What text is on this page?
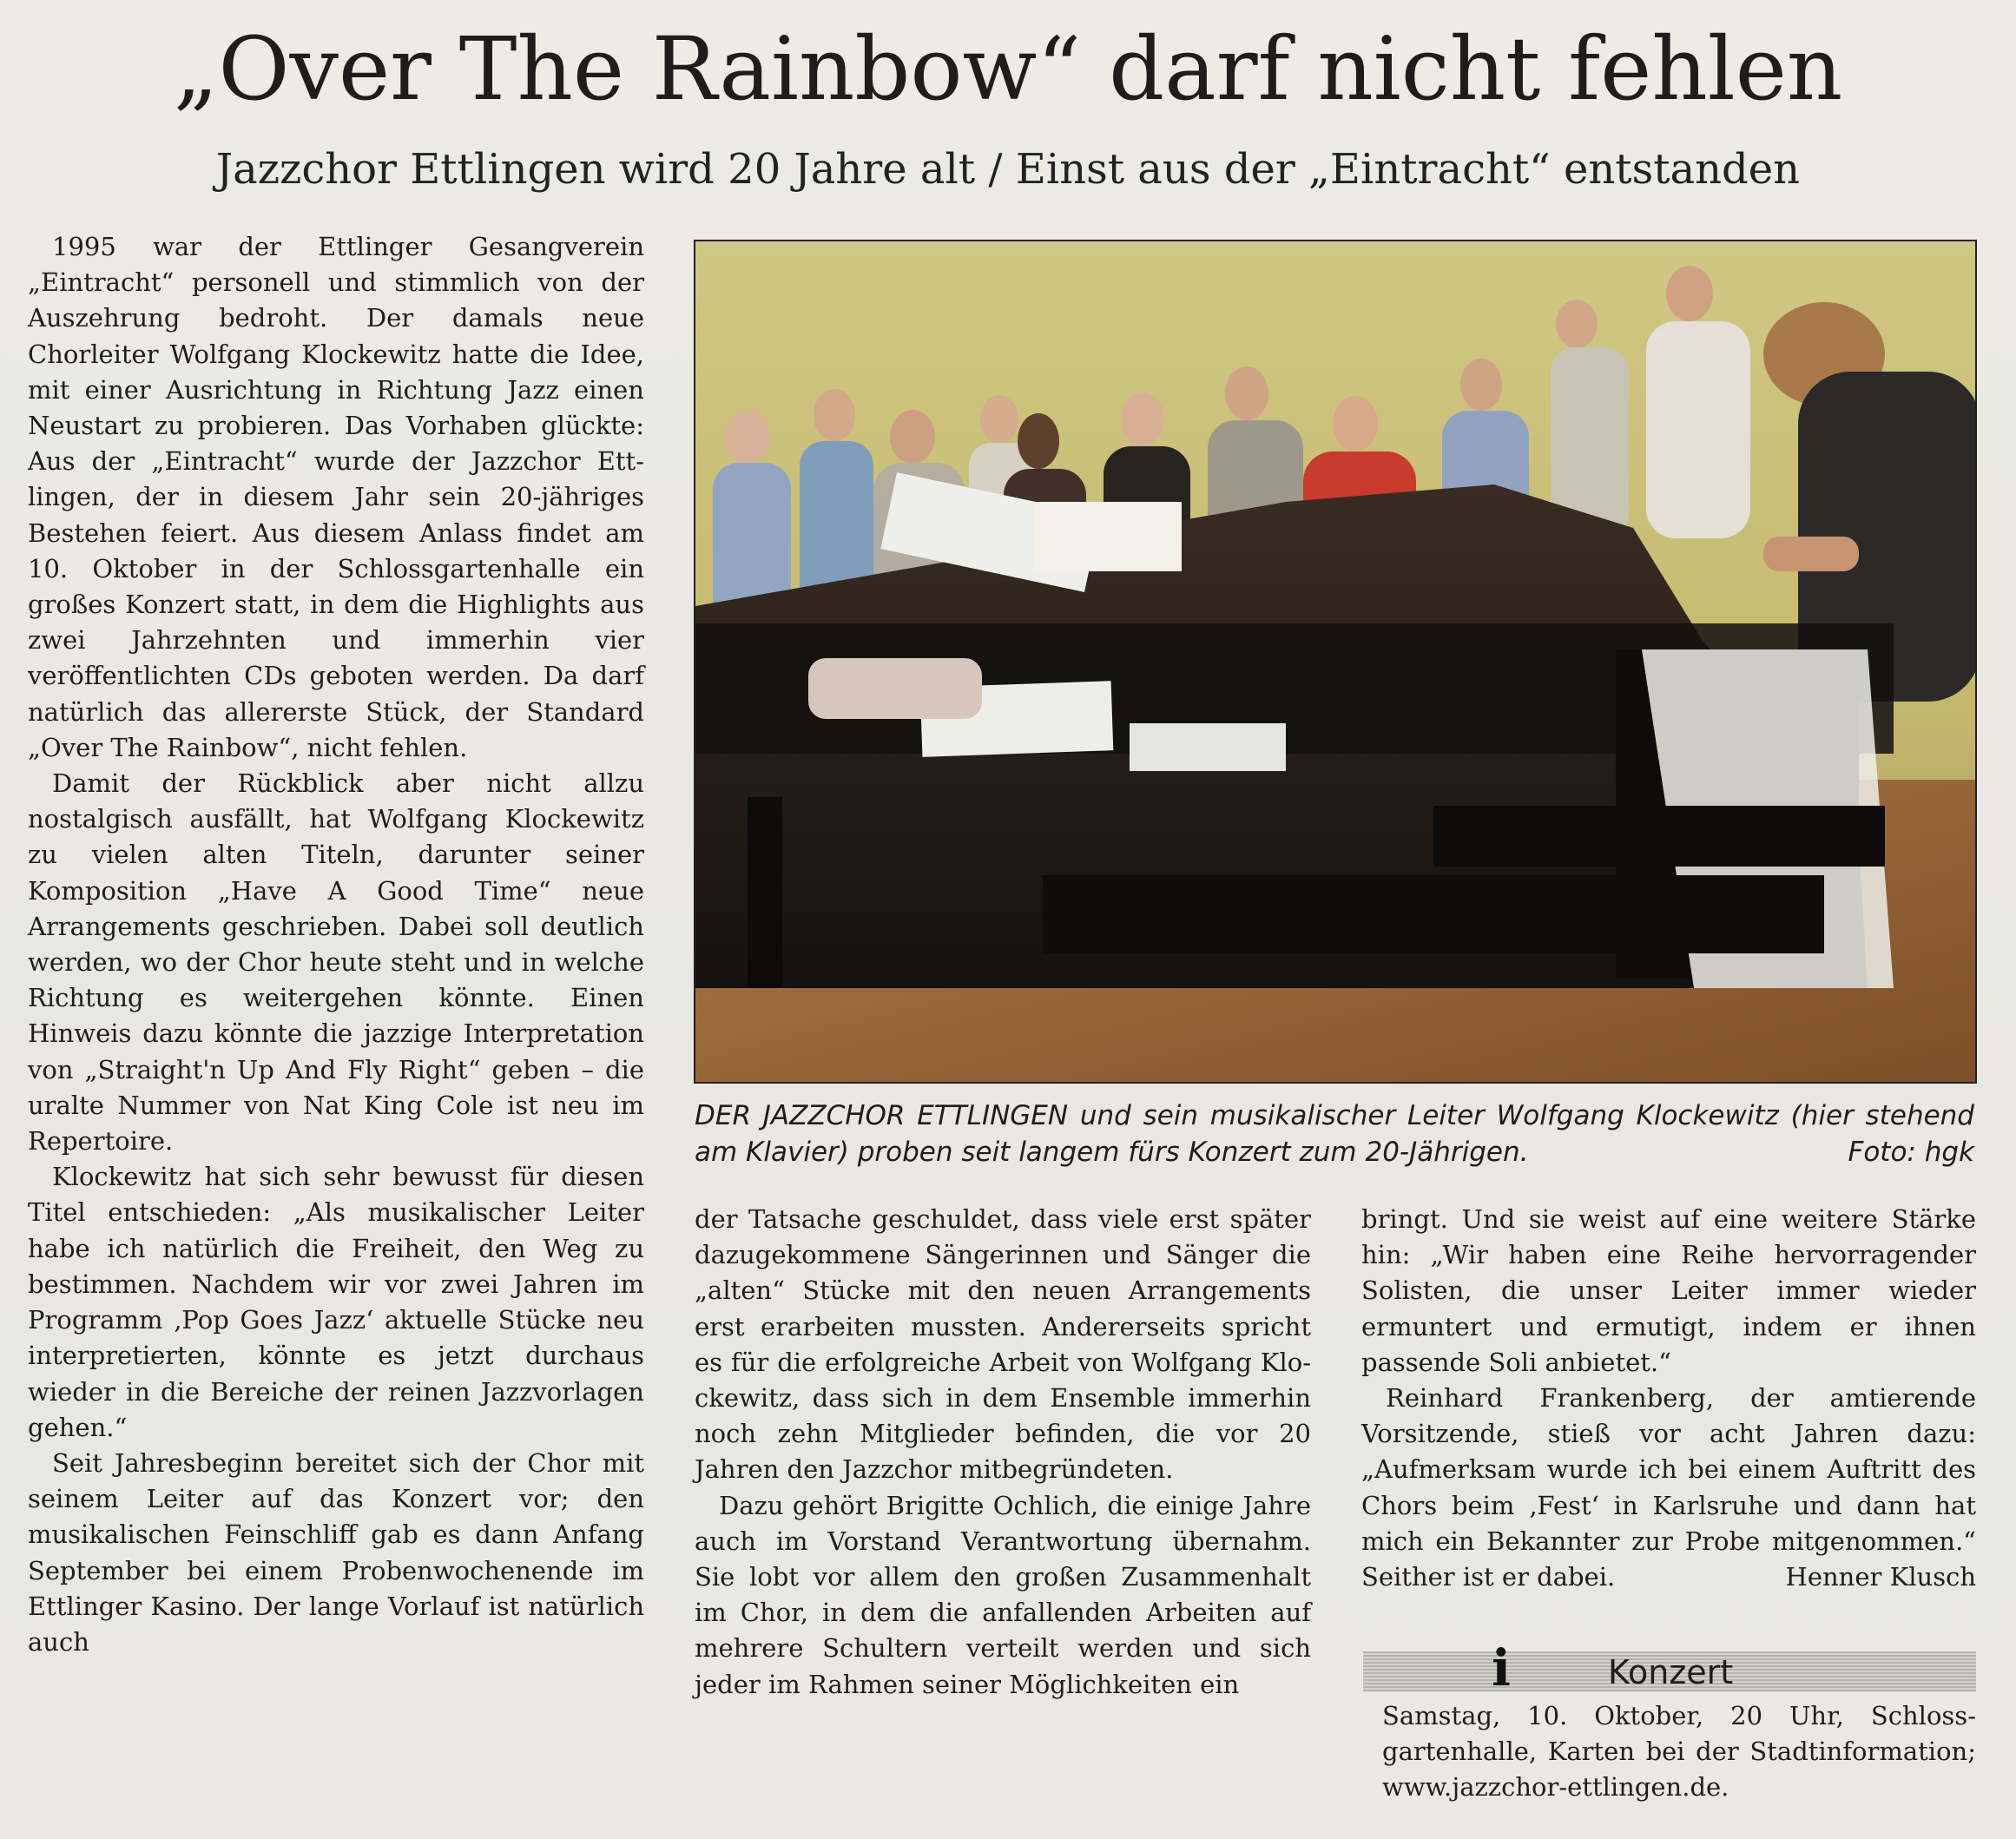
„Over The Rainbow“ darf nicht fehlen
Jazzchor Ettlingen wird 20 Jahre alt / Einst aus der „Eintracht“ entstanden

1995 war der Ettlinger Gesangverein „Eintracht“ personell und stimmlich von der Auszehrung bedroht. Der damals neue Chorleiter Wolfgang Klockewitz hatte die Idee, mit einer Ausrichtung in Richtung Jazz einen Neustart zu probieren. Das Vorhaben glückte: Aus der „Eintracht“ wurde der Jazzchor Ettlingen, der in diesem Jahr sein 20-jähriges Bestehen feiert. Aus diesem Anlass findet am 10. Oktober in der Schlossgartenhalle ein großes Konzert statt, in dem die Highlights aus zwei Jahrzehnten und immerhin vier veröffentlichten CDs geboten werden. Da darf natürlich das allererste Stück, der Standard „Over The Rainbow“, nicht fehlen.

Damit der Rückblick aber nicht allzu nostalgisch ausfällt, hat Wolfgang Klockewitz zu vielen alten Titeln, darunter seiner Komposition „Have A Good Time“ neue Arrangements geschrieben. Dabei soll deutlich werden, wo der Chor heute steht und in welche Richtung es weitergehen könnte. Einen Hinweis dazu könnte die jazzige Interpretation von „Straight'n Up And Fly Right“ geben – die uralte Nummer von Nat King Cole ist neu im Repertoire.

Klockewitz hat sich sehr bewusst für diesen Titel entschieden: „Als musikalischer Leiter habe ich natürlich die Freiheit, den Weg zu bestimmen. Nachdem wir vor zwei Jahren im Programm ‚Pop Goes Jazz‘ aktuelle Stücke neu interpretierten, könnte es jetzt durchaus wieder in die Bereiche der reinen Jazzvorlagen gehen.“

Seit Jahresbeginn bereitet sich der Chor mit seinem Leiter auf das Konzert vor; den musikalischen Feinschliff gab es dann Anfang September bei einem Probenwochenende im Ettlinger Kasino. Der lange Vorlauf ist natürlich auch

DER JAZZCHOR ETTLINGEN und sein musikalischer Leiter Wolfgang Klockewitz (hier stehend am Klavier) proben seit langem fürs Konzert zum 20-Jährigen.	Foto: hgk

der Tatsache geschuldet, dass viele erst später dazugekommene Sängerinnen und Sänger die „alten“ Stücke mit den neuen Arrangements erst erarbeiten mussten. Andererseits spricht es für die erfolgreiche Arbeit von Wolfgang Klockewitz, dass sich in dem Ensemble immerhin noch zehn Mitglieder befinden, die vor 20 Jahren den Jazzchor mitbegründeten.

Dazu gehört Brigitte Ochlich, die einige Jahre auch im Vorstand Verantwortung übernahm. Sie lobt vor allem den großen Zusammenhalt im Chor, in dem die anfallenden Arbeiten auf mehrere Schultern verteilt werden und sich jeder im Rahmen seiner Möglichkeiten ein

bringt. Und sie weist auf eine weitere Stärke hin: „Wir haben eine Reihe hervorragender Solisten, die unser Leiter immer wieder ermuntert und ermutigt, indem er ihnen passende Soli anbietet.“

Reinhard Frankenberg, der amtierende Vorsitzende, stieß vor acht Jahren dazu: „Aufmerksam wurde ich bei einem Auftritt des Chors beim ‚Fest‘ in Karlsruhe und dann hat mich ein Bekannter zur Probe mitgenommen.“ Seither ist er dabei.	Henner Klusch

i	Konzert
Samstag, 10. Oktober, 20 Uhr, Schlossgartenhalle, Karten bei der Stadtinformation; www.jazzchor-ettlingen.de.
